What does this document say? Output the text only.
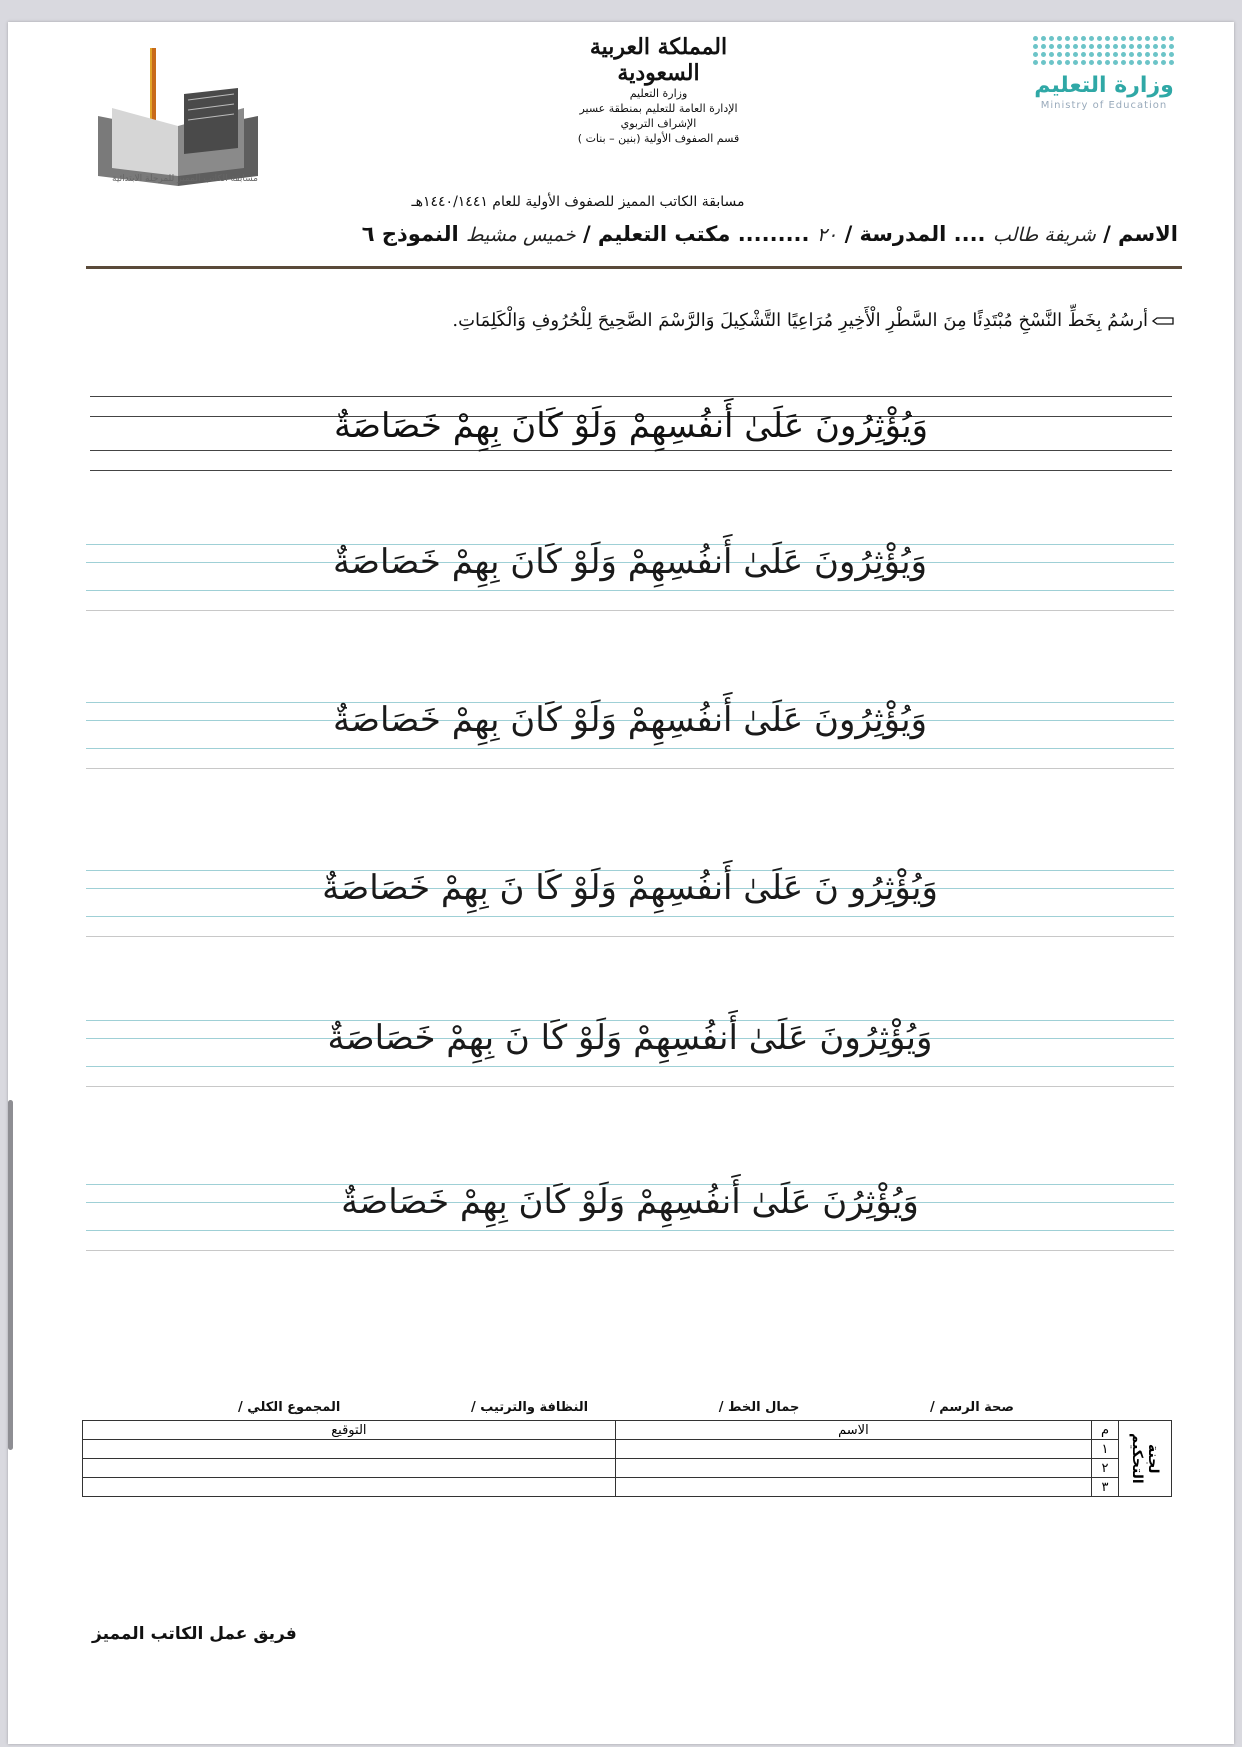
وزارة التعليم
Ministry of Education
المملكة العربية السعودية
وزارة التعليم
الإدارة العامة للتعليم بمنطقة عسير
الإشراف التربوي
قسم الصفوف الأولية (بنين – بنات )
مسابقة الكاتب المميز للمرحلة الابتدائية
مسابقة الكاتب المميز للصفوف الأولية للعام ١٤٤٠/١٤٤١هـ
الاسم / شريفة طالب .... المدرسة / ٢٠ ......... مكتب التعليم / خميس مشيط النموذج ٦
أرسُمُ بِخَطِّ النَّسْخِ مُبْتَدِئًا مِنَ السَّطْرِ الْأَخِيرِ مُرَاعِيًا التَّشْكِيلَ وَالرَّسْمَ الصَّحِيحَ لِلْحُرُوفِ وَالْكَلِمَاتِ.
وَيُؤْثِرُونَ عَلَىٰ أَنفُسِهِمْ وَلَوْ كَانَ بِهِمْ خَصَاصَةٌ
وَيُؤْثِرُونَ عَلَىٰ أَنفُسِهِمْ وَلَوْ كَانَ بِهِمْ خَصَاصَةٌ
وَيُؤْثِرُونَ عَلَىٰ أَنفُسِهِمْ وَلَوْ كَانَ بِهِمْ خَصَاصَةٌ
وَيُؤْثِرُو نَ عَلَىٰ أَنفُسِهِمْ وَلَوْ كَا نَ بِهِمْ خَصَاصَةٌ
وَيُؤْثِرُونَ عَلَىٰ أَنفُسِهِمْ وَلَوْ كَا نَ بِهِمْ خَصَاصَةٌ
وَيُؤْثِرُنَ عَلَىٰ أَنفُسِهِمْ وَلَوْ كَانَ بِهِمْ خَصَاصَةٌ
صحة الرسم /
جمال الخط /
النظافة والترتيب /
المجموع الكلي /
لجنة التحكيم	م	الاسم	التوقيع
	١		
	٢		
	٣		
فريق عمل الكاتب المميز
